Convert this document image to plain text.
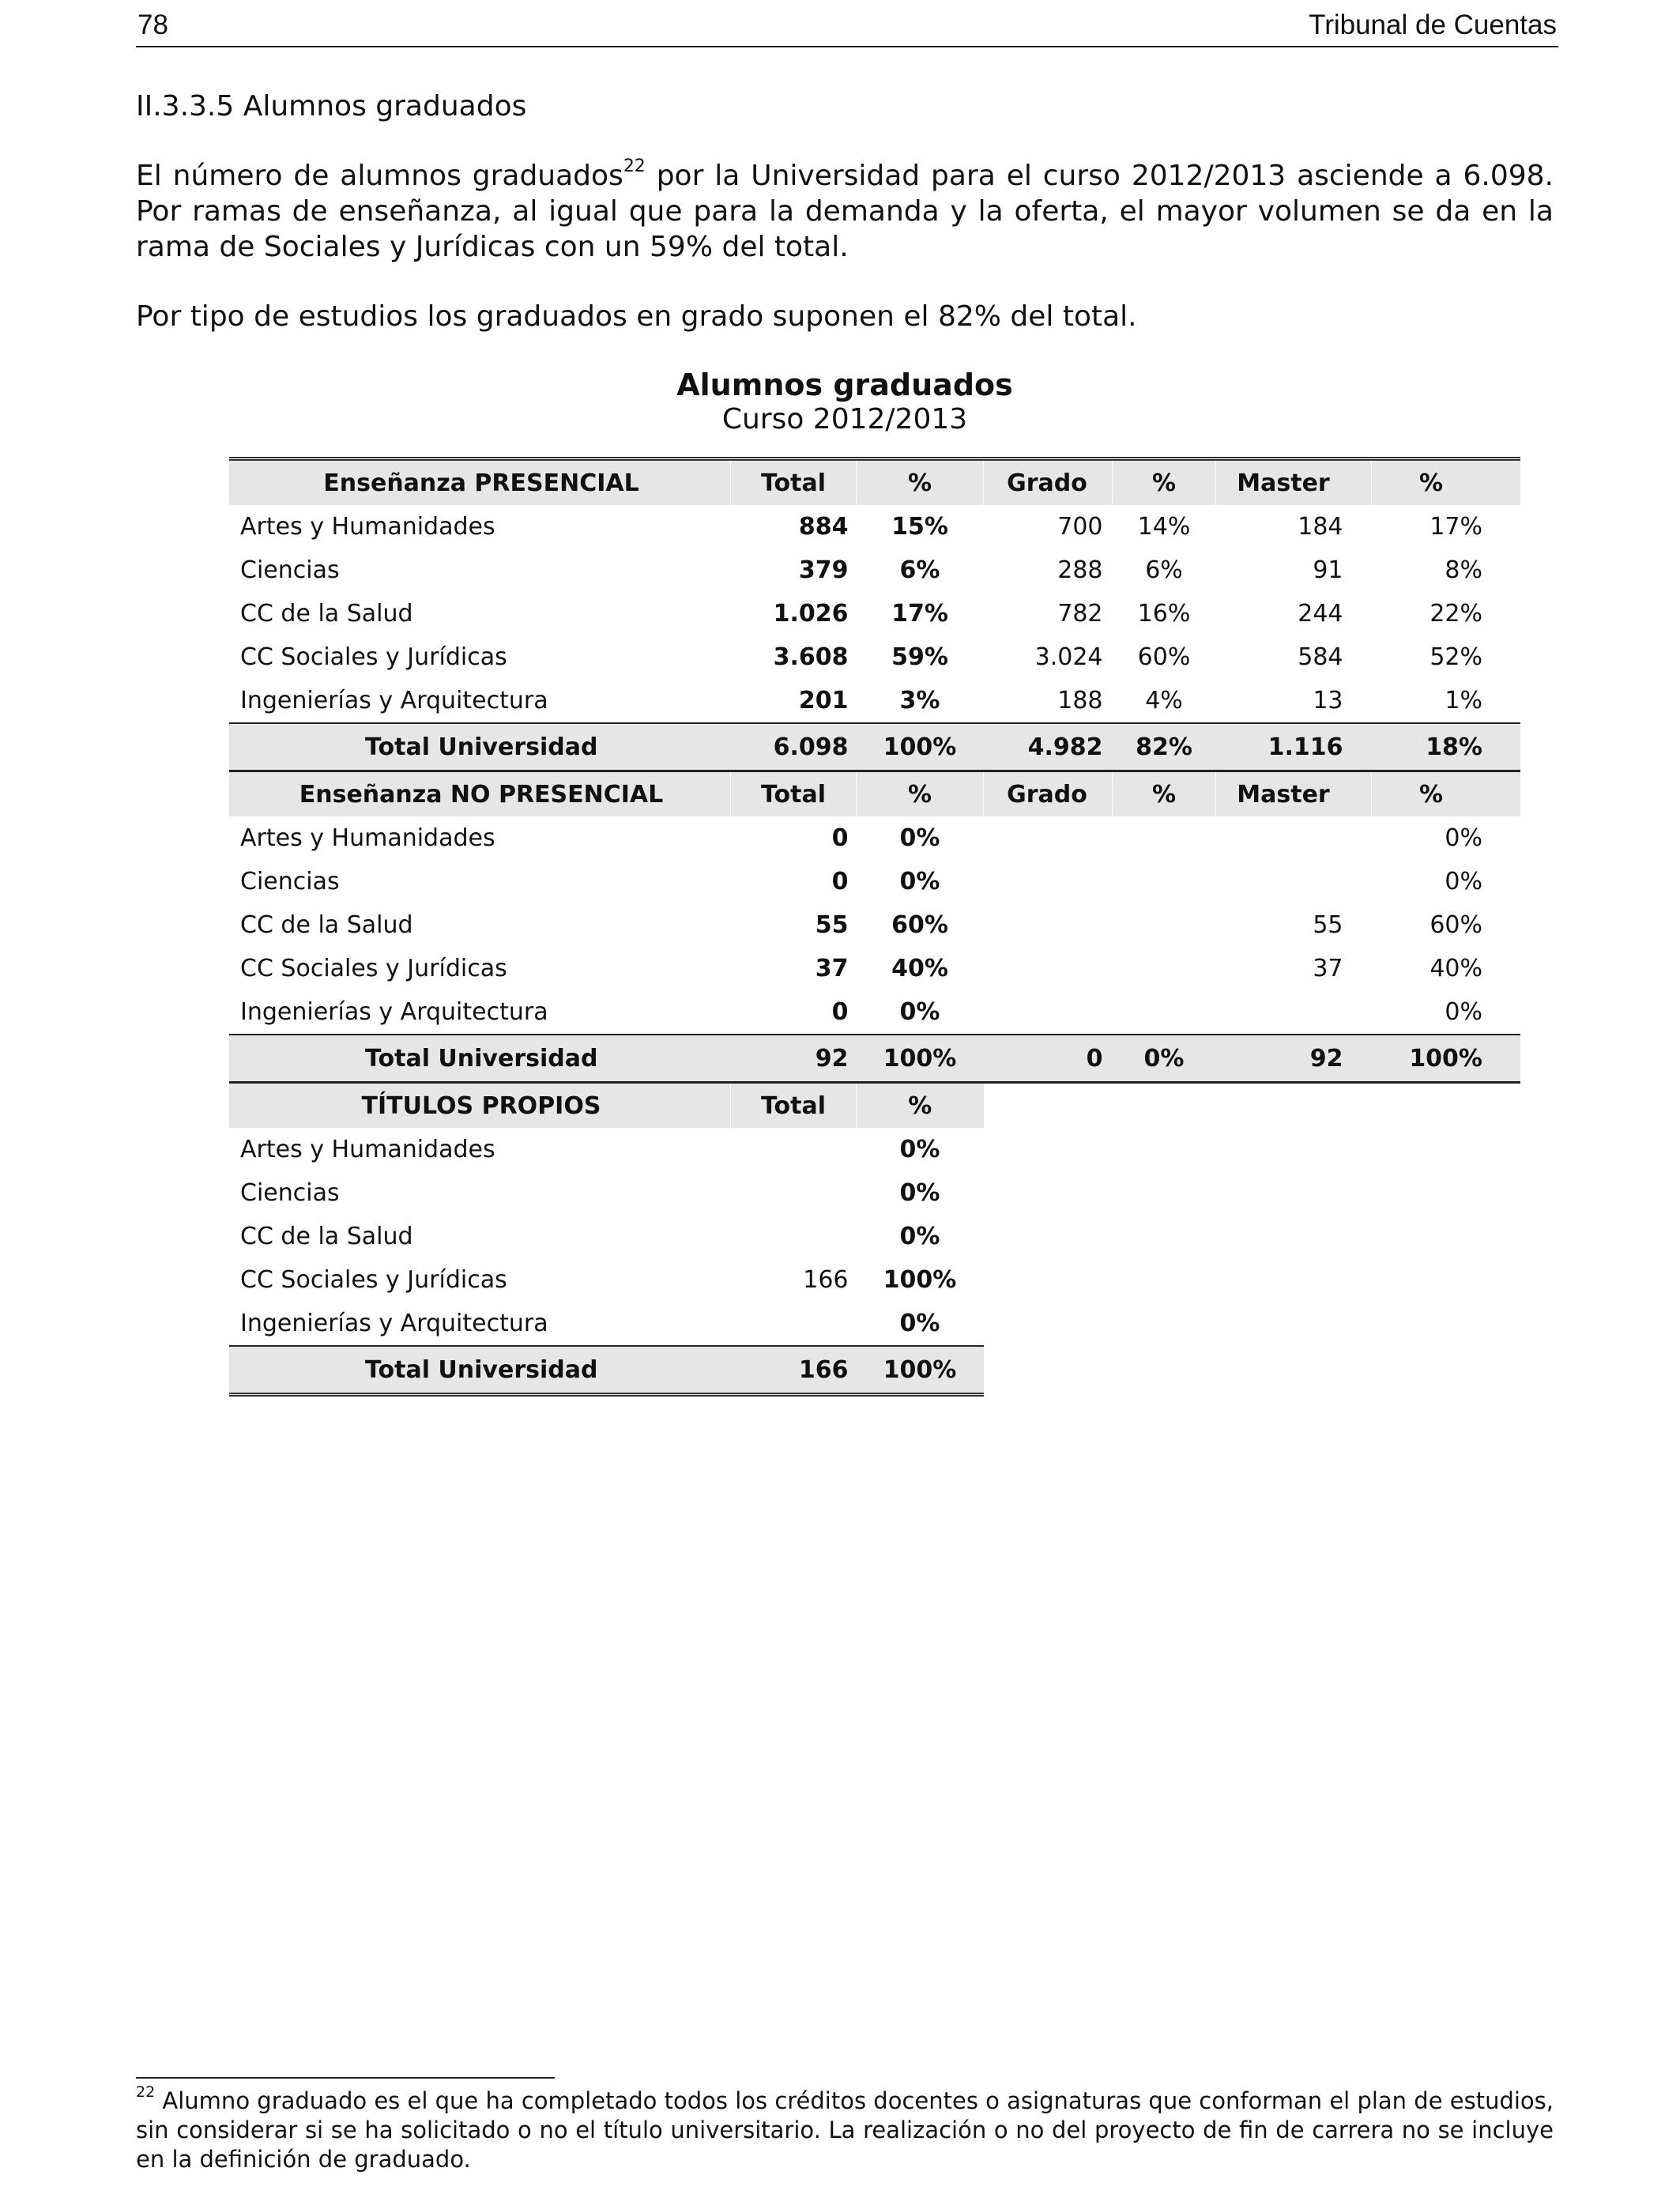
78	Tribunal de Cuentas
II.3.3.5 Alumnos graduados
El número de alumnos graduados$^{22}$ por la Universidad para el curso 2012/2013 asciende a 6.098. Por ramas de enseñanza, al igual que para la demanda y la oferta, el mayor volumen se da en la rama de Sociales y Jurídicas con un 59% del total.
Por tipo de estudios los graduados en grado suponen el 82% del total.
Alumnos graduados
Curso 2012/2013
Enseñanza PRESENCIAL	Total	%	Grado	%	Master	%
Artes y Humanidades	884	15%	700	14%	184	17%
Ciencias	379	6%	288	6%	91	8%
CC de la Salud	1.026	17%	782	16%	244	22%
CC Sociales y Jurídicas	3.608	59%	3.024	60%	584	52%
Ingenierías y Arquitectura	201	3%	188	4%	13	1%
Total Universidad	6.098	100%	4.982	82%	1.116	18%
Enseñanza NO PRESENCIAL	Total	%	Grado	%	Master	%
Artes y Humanidades	0	0%				0%
Ciencias	0	0%				0%
CC de la Salud	55	60%			55	60%
CC Sociales y Jurídicas	37	40%			37	40%
Ingenierías y Arquitectura	0	0%				0%
Total Universidad	92	100%	0	0%	92	100%
TÍTULOS PROPIOS	Total	%				
Artes y Humanidades		0%				
Ciencias		0%				
CC de la Salud		0%				
CC Sociales y Jurídicas	166	100%				
Ingenierías y Arquitectura		0%				
Total Universidad	166	100%				
$^{22}$ Alumno graduado es el que ha completado todos los créditos docentes o asignaturas que conforman el plan de estudios, sin considerar si se ha solicitado o no el título universitario. La realización o no del proyecto de fin de carrera no se incluye en la definición de graduado.
